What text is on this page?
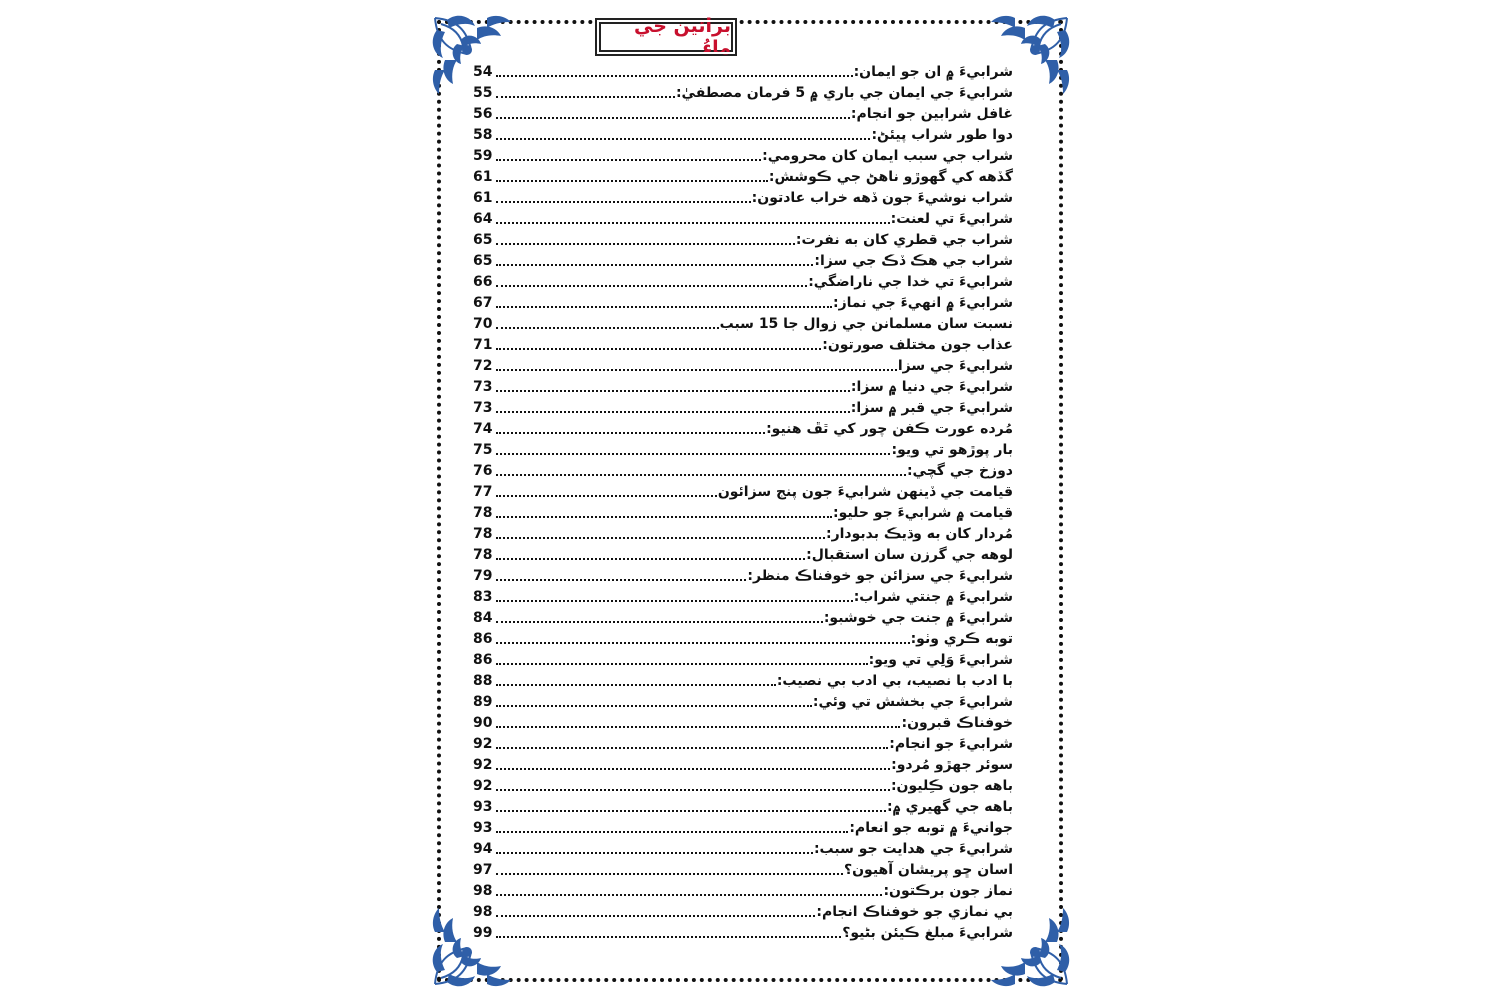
برائين جي ماءُ
شرابيءَ ۾ ان جو ايمان:
54
شرابيءَ جي ايمان جي باري ۾ 5 فرمان مصطفيٰ:
55
غافل شرابين جو انجام:
56
دوا طور شراب پيئڻ:
58
شراب جي سبب ايمان کان محرومي:
59
گڏهه کي گهوڙو ناهڻ جي ڪوشش:
61
شراب نوشيءَ جون ڏهه خراب عادتون:
61
شرابيءَ تي لعنت:
64
شراب جي قطري کان به نفرت:
65
شراب جي هڪ ڏڪ جي سزا:
65
شرابيءَ تي خدا جي ناراضگي:
66
شرابيءَ ۾ انهيءَ جي نماز:
67
نسبت سان مسلمانن جي زوال جا 15 سبب
70
عذاب جون مختلف صورتون:
71
شرابيءَ جي سزا
72
شرابيءَ جي دنيا ۾ سزا:
73
شرابيءَ جي قبر ۾ سزا:
73
مُرده عورت ڪفن چور کي ٿڦ هنيو:
74
بار پوڙهو تي ويو:
75
دوزخ جي گچي:
76
قيامت جي ڏينهن شرابيءَ جون پنج سزائون
77
قيامت ۾ شرابيءَ جو حليو:
78
مُردار کان به وڌيڪ بدبودار:
78
لوهه جي گرزن سان استقبال:
78
شرابيءَ جي سزائن جو خوفناڪ منظر:
79
شرابيءَ ۾ جنتي شراب:
83
شرابيءَ ۾ جنت جي خوشبو:
84
توبه ڪري وٺو:
86
شرابيءَ وَلِي تي ويو:
86
با ادب با نصيب، بي ادب بي نصيب:
88
شرابيءَ جي بخشش تي وئي:
89
خوفناڪ قبرون:
90
شرابيءَ جو انجام:
92
سوئر جهڙو مُردو:
92
باهه جون ڪِليون:
92
باهه جي گهيري ۾:
93
جوانيءَ ۾ توبه جو انعام:
93
شرابيءَ جي هدايت جو سبب:
94
اسان ڇو پريشان آهيون؟
97
نماز جون برڪتون:
98
بي نمازي جو خوفناڪ انجام:
98
شرابيءَ مبلغ ڪيئن بڻيو؟
99
